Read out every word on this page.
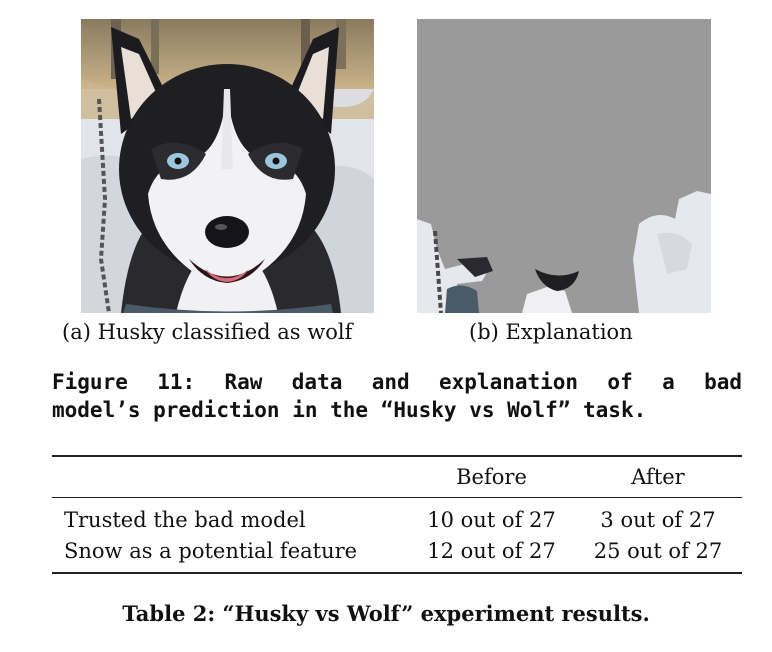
(a) Husky classified as wolf	(b) Explanation
Figure 11: Raw data and explanation of a bad
model’s prediction in the “Husky vs Wolf” task.
	Before	After
Trusted the bad model	10 out of 27	3 out of 27
Snow as a potential feature	12 out of 27	25 out of 27
Table 2: “Husky vs Wolf” experiment results.
